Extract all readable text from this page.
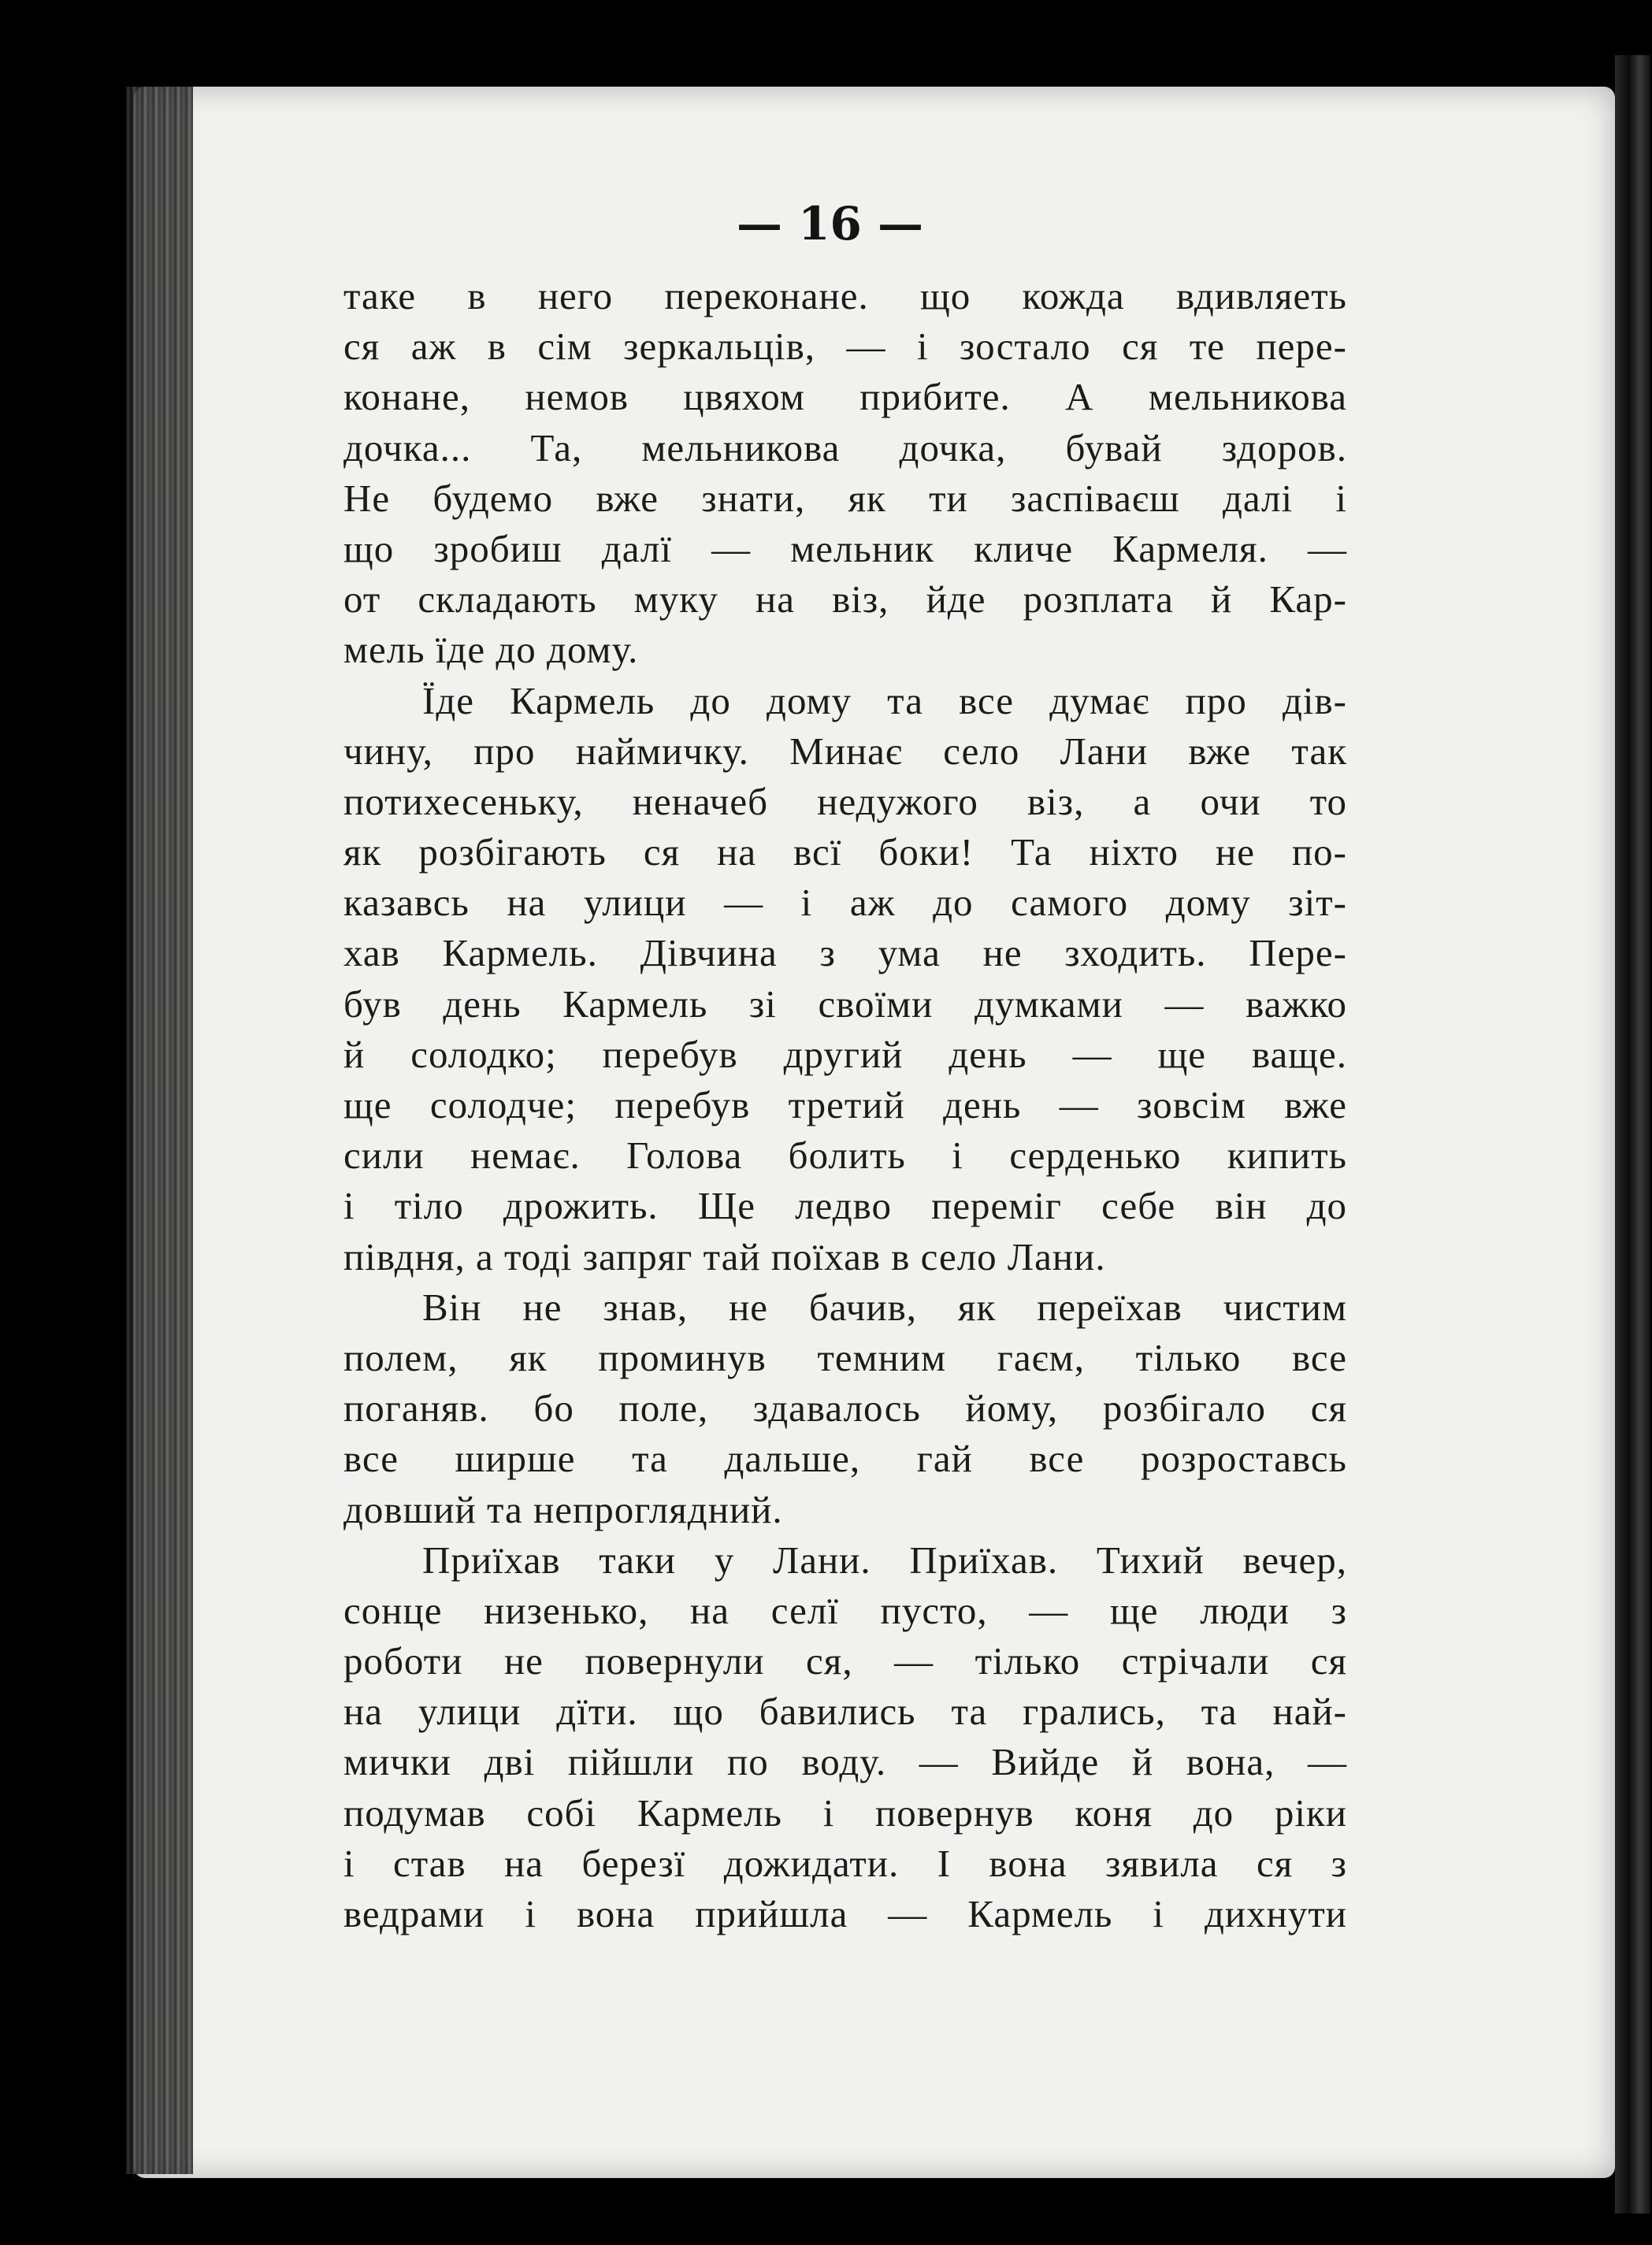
— 16 —
таке в него переконане. що кожда вдивляеть
ся аж в сім зеркальців, — і зостало ся те пере-
конане, немов цвяхом прибите. А мельникова
дочка... Та, мельникова дочка, бувай здоров.
Не будемо вже знати, як ти заспіваєш далі і
що зробиш далї — мельник кличе Кармеля. —
от складають муку на віз, йде розплата й Кар-
мель їде до дому.
Їде Кармель до дому та все думає про дів-
чину, про наймичку. Минає село Лани вже так
потихесеньку, неначеб недужого віз, а очи то
як розбігають ся на всї боки! Та ніхто не по-
казавсь на улици — і аж до самого дому зіт-
хав Кармель. Дівчина з ума не зходить. Пере-
був день Кармель зі своїми думками — важко
й солодко; перебув другий день — ще ваще.
ще солодче; перебув третий день — зовсім вже
сили немає. Голова болить і серденько кипить
і тіло дрожить. Ще ледво переміг себе він до
півдня, а тоді запряг тай поїхав в село Лани.
Він не знав, не бачив, як переїхав чистим
полем, як проминув темним гаєм, тілько все
поганяв. бо поле, здавалось йому, розбігало ся
все ширше та дальше, гай все розроставсь
довший та непроглядний.
Приїхав таки у Лани. Приїхав. Тихий вечер,
сонце низенько, на селї пусто, — ще люди з
роботи не повернули ся, — тілько стрічали ся
на улици дїти. що бавились та грались, та най-
мички дві пійшли по воду. — Вийде й вона, —
подумав собі Кармель і повернув коня до ріки
і став на березї дожидати. І вона зявила ся з
ведрами і вона прийшла — Кармель і дихнути
